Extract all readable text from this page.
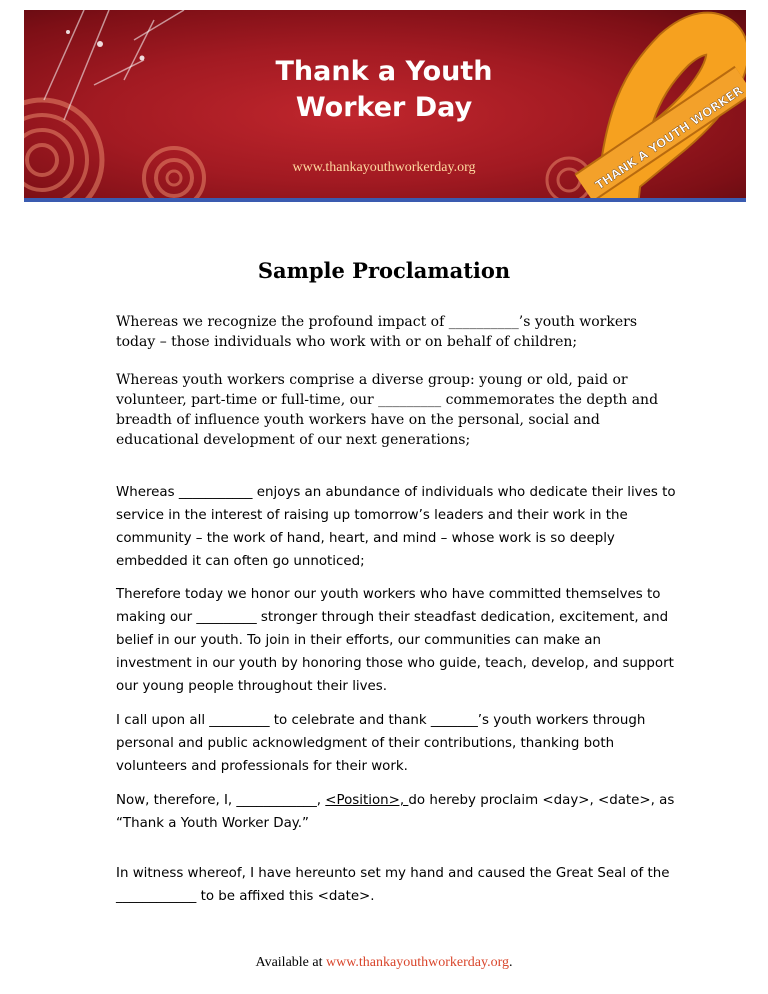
Thank a Youth
Worker Day
www.thankayouthworkerday.org	THANK A YOUTH WORKER
Sample Proclamation

Whereas we recognize the profound impact of __________’s youth workers today – those individuals who work with or on behalf of children;

Whereas youth workers comprise a diverse group: young or old, paid or volunteer, part-time or full-time, our _________ commemorates the depth and breadth of influence youth workers have on the personal, social and educational development of our next generations;

Whereas ___________ enjoys an abundance of individuals who dedicate their lives to service in the interest of raising up tomorrow’s leaders and their work in the community – the work of hand, heart, and mind – whose work is so deeply embedded it can often go unnoticed;

Therefore today we honor our youth workers who have committed themselves to making our _________ stronger through their steadfast dedication, excitement, and belief in our youth. To join in their efforts, our communities can make an investment in our youth by honoring those who guide, teach, develop, and support our young people throughout their lives.

I call upon all _________ to celebrate and thank _______’s youth workers through personal and public acknowledgment of their contributions, thanking both volunteers and professionals for their work.

Now, therefore, I, ____________, <Position>, do hereby proclaim <day>, <date>, as “Thank a Youth Worker Day.”

In witness whereof, I have hereunto set my hand and caused the Great Seal of the ____________ to be affixed this <date>.

Available at www.thankayouthworkerday.org.
